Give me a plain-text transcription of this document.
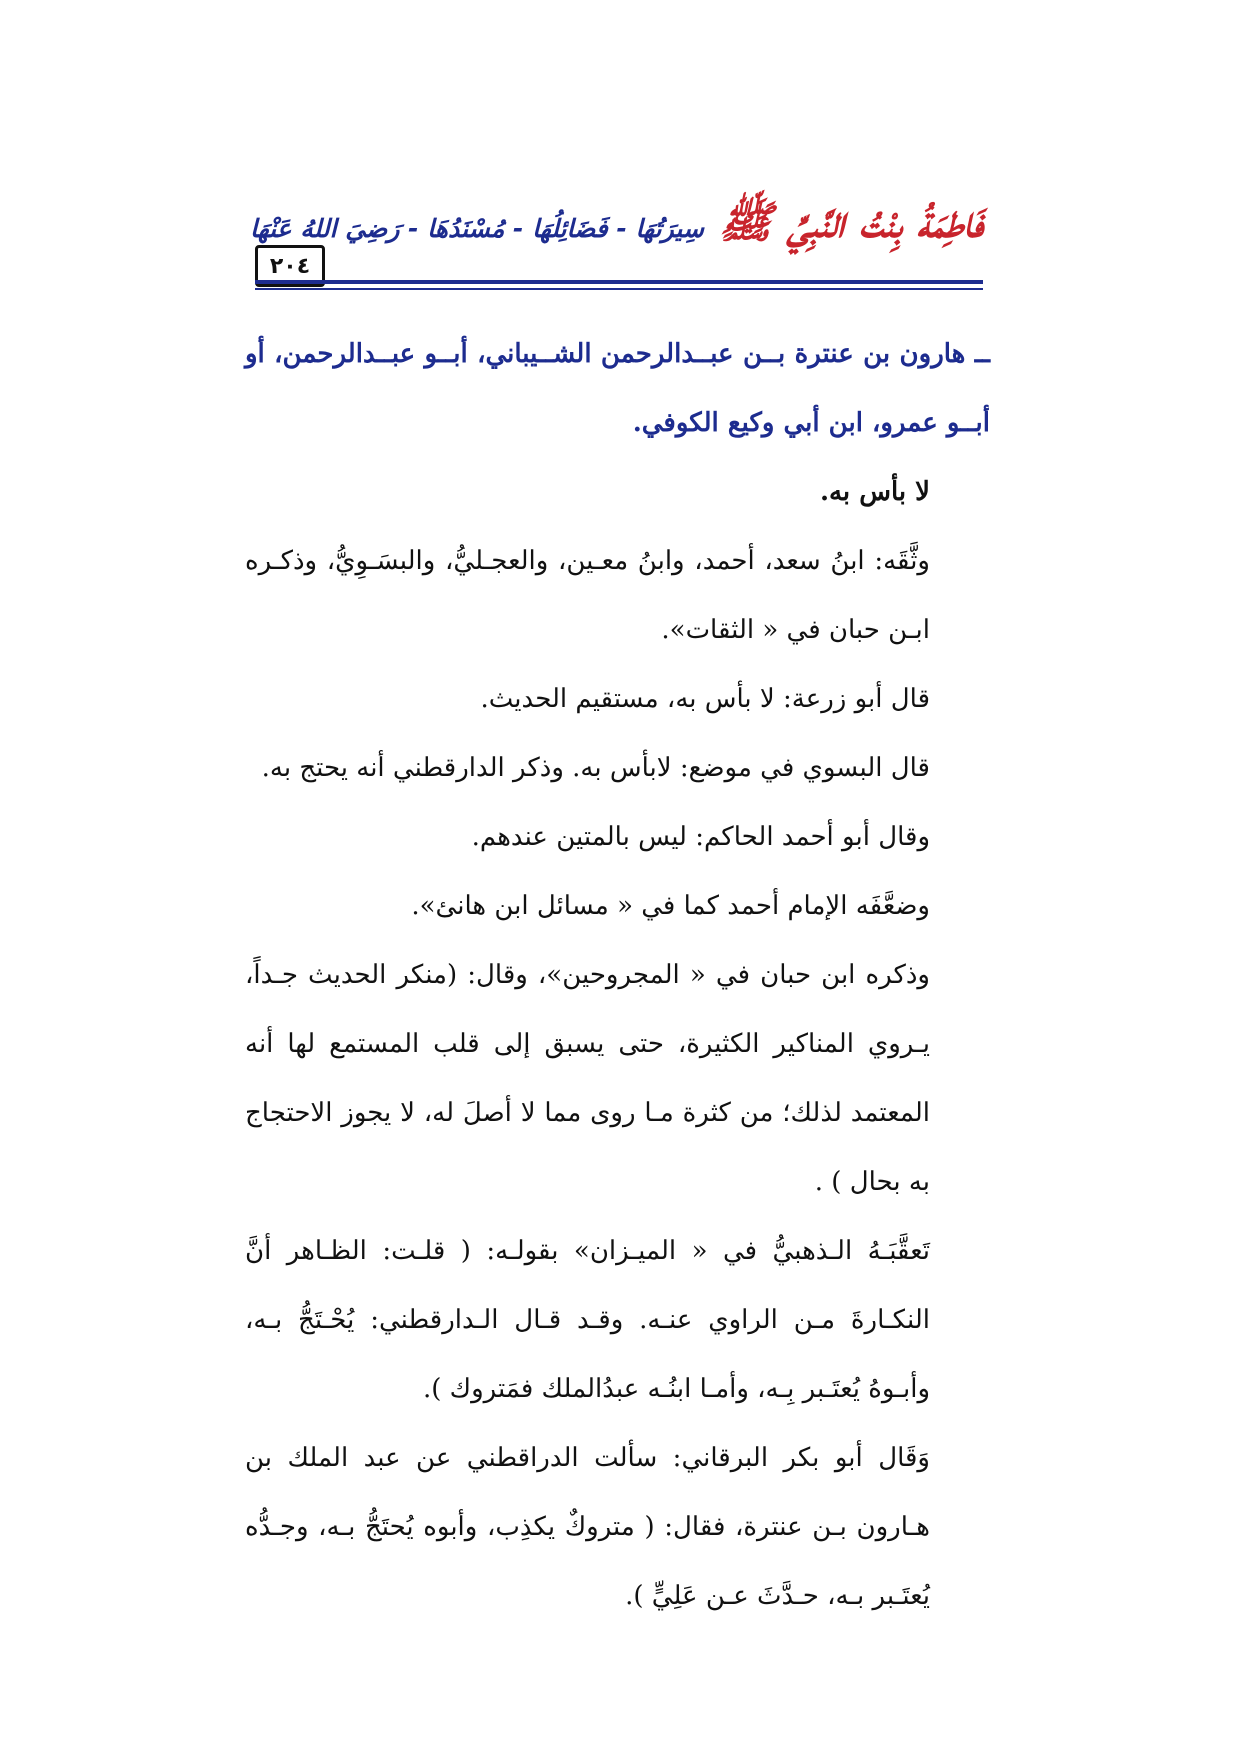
٢٠٤
فَاطِمَةُ بِنْتُ النَّبِيِّ ﷺ سِيرَتُهَا - فَضَائِلُهَا - مُسْنَدُهَا - رَضِيَ اللهُ عَنْهَا

ــ هارون بن عنترة بــن عبــدالرحمن الشــيباني، أبــو عبــدالرحمن، أو أبــو عمرو، ابن أبي وكيع الكوفي.

لا بأس به.

وثَّقَه: ابنُ سعد، أحمد، وابنُ معـين، والعجـليُّ، والبسَـوِيُّ، وذكـره ابـن حبان في « الثقات».

قال أبو زرعة: لا بأس به، مستقيم الحديث.

قال البسوي في موضع: لابأس به. وذكر الدارقطني أنه يحتج به.

وقال أبو أحمد الحاكم: ليس بالمتين عندهم.

وضعَّفَه الإمام أحمد كما في « مسائل ابن هانئ».

وذكره ابن حبان في « المجروحين»، وقال: (منكر الحديث جـداً، يـروي المناكير الكثيرة، حتى يسبق إلى قلب المستمع لها أنه المعتمد لذلك؛ من كثرة مـا روى مما لا أصلَ له، لا يجوز الاحتجاج به بحال ) .

تَعقَّبَـهُ الـذهبيُّ في « الميـزان» بقولـه: ( قلـت: الظـاهر أنَّ النكـارةَ مـن الراوي عنـه. وقـد قـال الـدارقطني: يُحْـتَجُّ بـه، وأبـوهُ يُعتَـبر بِـه، وأمـا ابنُـه عبدُالملك فمَتروك ).

وَقَال أبو بكر البرقاني: سألت الدراقطني عن عبد الملك بن هـارون بـن عنترة، فقال: ( متروكٌ يكذِب، وأبوه يُحتَجُّ بـه، وجـدُّه يُعتَـبر بـه، حـدَّثَ عـن عَلِيٍّ ).
